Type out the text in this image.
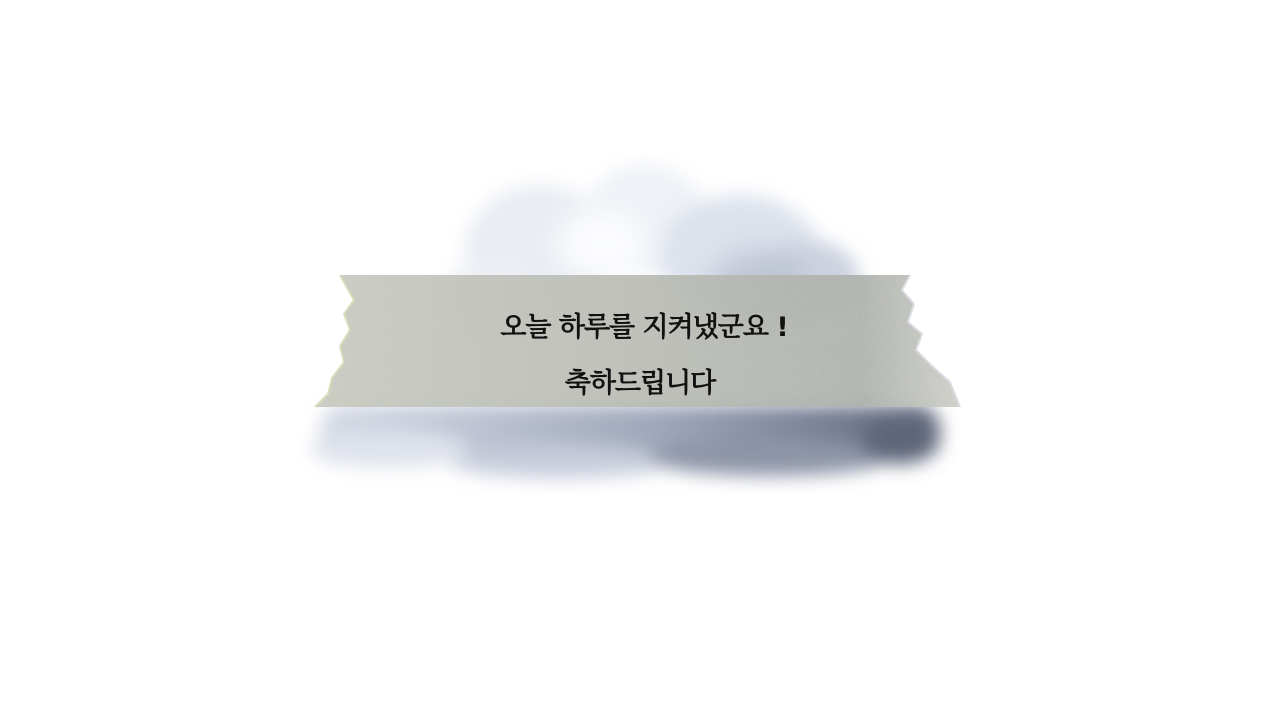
오늘 하루를 지켜냈군요 !
축하드립니다
